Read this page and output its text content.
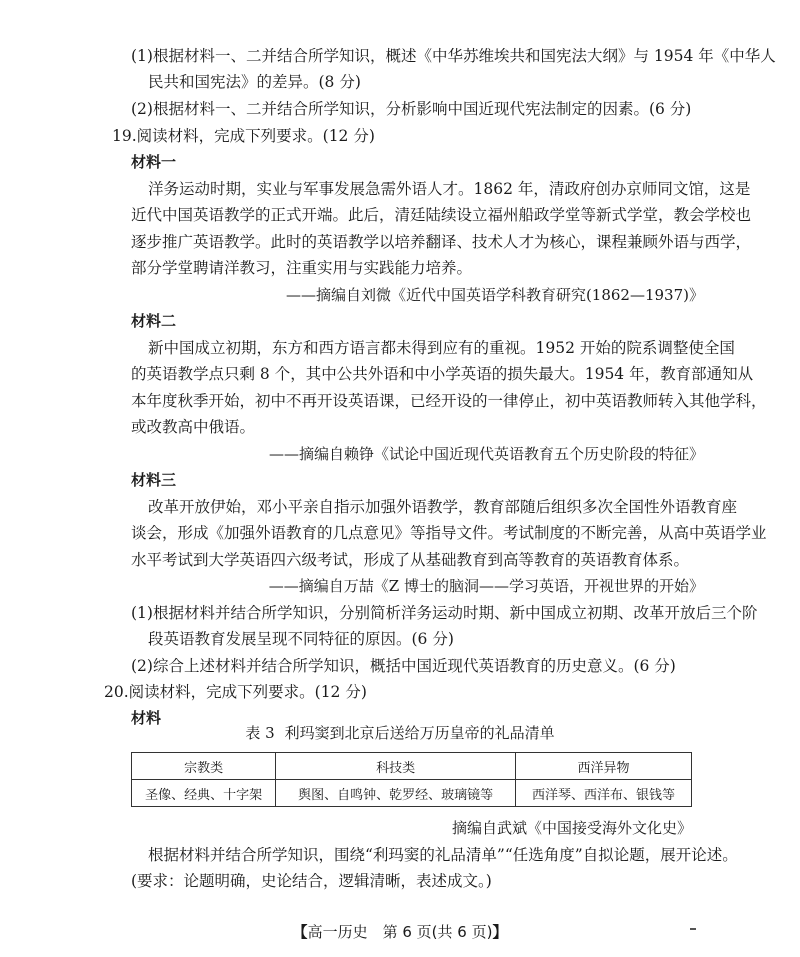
(1)根据材料一、二并结合所学知识，概述《中华苏维埃共和国宪法大纲》与 1954 年《中华人
民共和国宪法》的差异。(8 分)
(2)根据材料一、二并结合所学知识，分析影响中国近现代宪法制定的因素。(6 分)
19.阅读材料，完成下列要求。(12 分)
材料一
洋务运动时期，实业与军事发展急需外语人才。1862 年，清政府创办京师同文馆，这是
近代中国英语教学的正式开端。此后，清廷陆续设立福州船政学堂等新式学堂，教会学校也
逐步推广英语教学。此时的英语教学以培养翻译、技术人才为核心，课程兼顾外语与西学，
部分学堂聘请洋教习，注重实用与实践能力培养。
——摘编自刘微《近代中国英语学科教育研究(1862—1937)》
材料二
新中国成立初期，东方和西方语言都未得到应有的重视。1952 开始的院系调整使全国
的英语教学点只剩 8 个，其中公共外语和中小学英语的损失最大。1954 年，教育部通知从
本年度秋季开始，初中不再开设英语课，已经开设的一律停止，初中英语教师转入其他学科，
或改教高中俄语。
——摘编自赖铮《试论中国近现代英语教育五个历史阶段的特征》
材料三
改革开放伊始，邓小平亲自指示加强外语教学，教育部随后组织多次全国性外语教育座
谈会，形成《加强外语教育的几点意见》等指导文件。考试制度的不断完善，从高中英语学业
水平考试到大学英语四六级考试，形成了从基础教育到高等教育的英语教育体系。
——摘编自万喆《Z 博士的脑洞——学习英语，开视世界的开始》
(1)根据材料并结合所学知识，分别简析洋务运动时期、新中国成立初期、改革开放后三个阶
段英语教育发展呈现不同特征的原因。(6 分)
(2)综合上述材料并结合所学知识，概括中国近现代英语教育的历史意义。(6 分)
20.阅读材料，完成下列要求。(12 分)
材料
表 3 利玛窦到北京后送给万历皇帝的礼品清单
宗教类	科技类	西洋异物
圣像、经典、十字架	舆图、自鸣钟、乾罗经、玻璃镜等	西洋琴、西洋布、银钱等
摘编自武斌《中国接受海外文化史》
根据材料并结合所学知识，围绕“利玛窦的礼品清单”“任选角度”自拟论题，展开论述。
(要求：论题明确，史论结合，逻辑清晰，表述成文。)
【高一历史　第 6 页(共 6 页)】
